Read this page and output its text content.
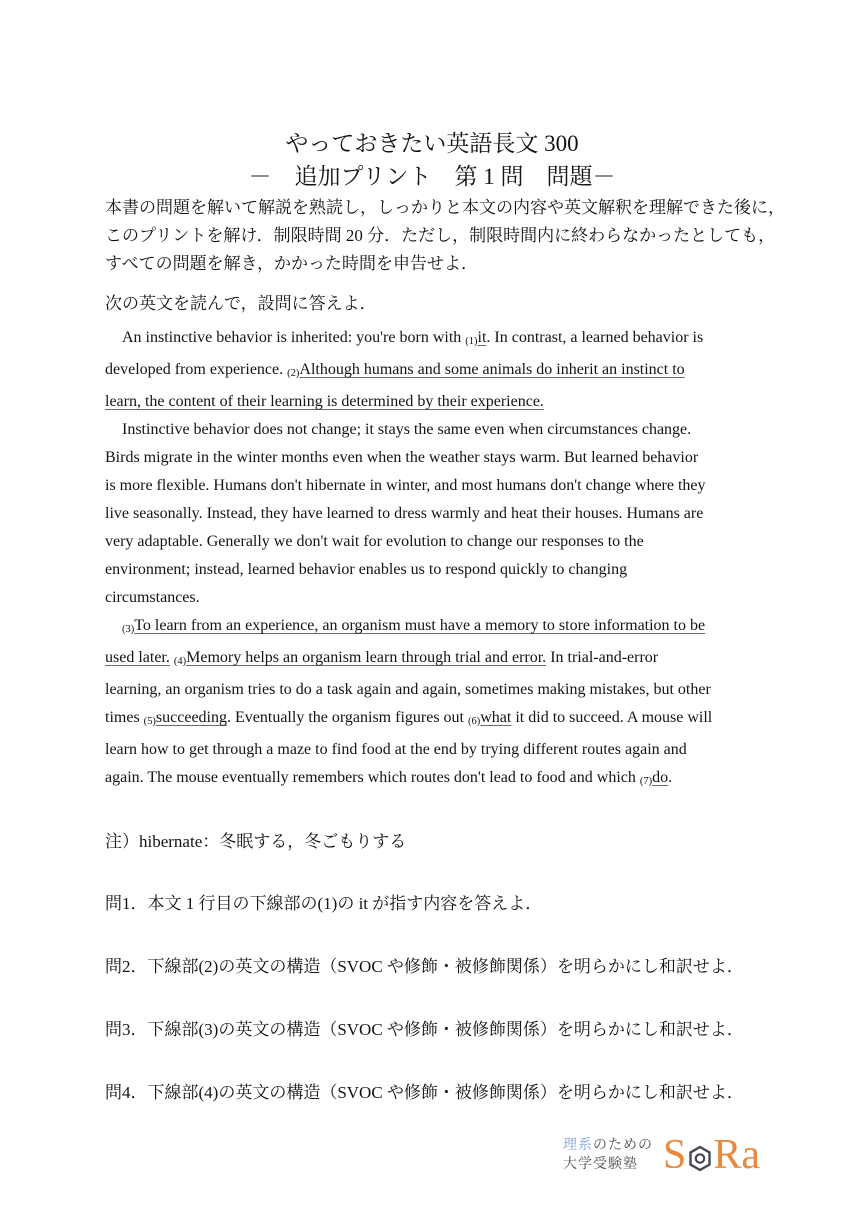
やっておきたい英語長文 300
－　追加プリント　第 1 問　問題－
本書の問題を解いて解説を熟読し，しっかりと本文の内容や英文解釈を理解できた後に，
このプリントを解け．制限時間 20 分．ただし，制限時間内に終わらなかったとしても，
すべての問題を解き，かかった時間を申告せよ．
次の英文を読んで，設問に答えよ．
An instinctive behavior is inherited: you're born with (1)it. In contrast, a learned behavior is
developed from experience. (2)Although humans and some animals do inherit an instinct to
learn, the content of their learning is determined by their experience.
Instinctive behavior does not change; it stays the same even when circumstances change.
Birds migrate in the winter months even when the weather stays warm. But learned behavior
is more flexible. Humans don't hibernate in winter, and most humans don't change where they
live seasonally. Instead, they have learned to dress warmly and heat their houses. Humans are
very adaptable. Generally we don't wait for evolution to change our responses to the
environment; instead, learned behavior enables us to respond quickly to changing
circumstances.
(3)To learn from an experience, an organism must have a memory to store information to be
used later. (4)Memory helps an organism learn through trial and error. In trial-and-error
learning, an organism tries to do a task again and again, sometimes making mistakes, but other
times (5)succeeding. Eventually the organism figures out (6)what it did to succeed. A mouse will
learn how to get through a maze to find food at the end by trying different routes again and
again. The mouse eventually remembers which routes don't lead to food and which (7)do.
注）hibernate：冬眠する，冬ごもりする
問1．本文 1 行目の下線部の(1)の it が指す内容を答えよ．
問2．下線部(2)の英文の構造（SVOC や修飾・被修飾関係）を明らかにし和訳せよ．
問3．下線部(3)の英文の構造（SVOC や修飾・被修飾関係）を明らかにし和訳せよ．
問4．下線部(4)の英文の構造（SVOC や修飾・被修飾関係）を明らかにし和訳せよ．
理系のための
大学受験塾 S Ra
